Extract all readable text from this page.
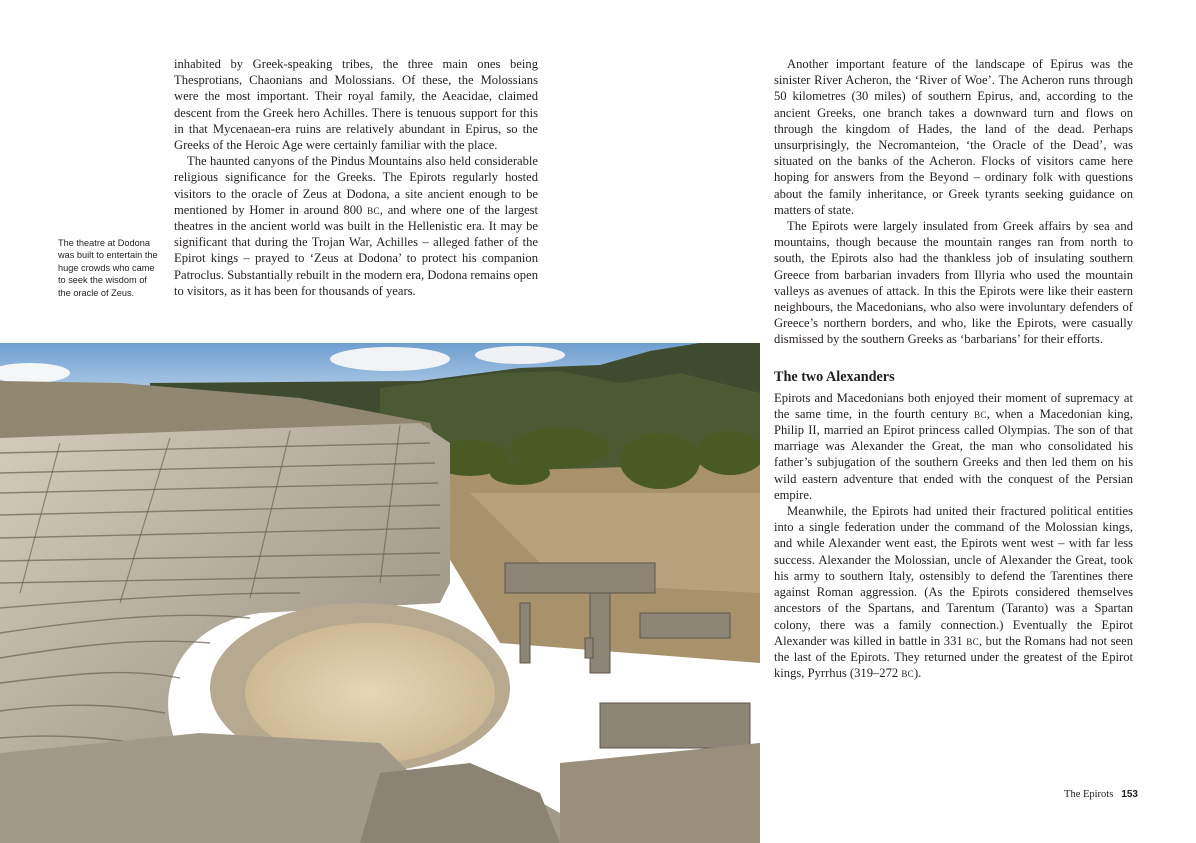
inhabited by Greek-speaking tribes, the three main ones being Thesprotians, Chaonians and Molossians. Of these, the Molossians were the most important. Their royal family, the Aeacidae, claimed descent from the Greek hero Achilles. There is tenuous support for this in that Mycenaean-era ruins are relatively abundant in Epirus, so the Greeks of the Heroic Age were certainly familiar with the place.

The haunted canyons of the Pindus Mountains also held considerable religious significance for the Greeks. The Epirots regularly hosted visitors to the oracle of Zeus at Dodona, a site ancient enough to be mentioned by Homer in around 800 bc, and where one of the largest theatres in the ancient world was built in the Hellenistic era. It may be significant that during the Trojan War, Achilles – alleged father of the Epirot kings – prayed to ‘Zeus at Dodona’ to protect his companion Patroclus. Substantially rebuilt in the modern era, Dodona remains open to visitors, as it has been for thousands of years.

The theatre at Dodona was built to entertain the huge crowds who came to seek the wisdom of the oracle of Zeus.

Another important feature of the landscape of Epirus was the sinister River Acheron, the ‘River of Woe’. The Acheron runs through 50 kilometres (30 miles) of southern Epirus, and, according to the ancient Greeks, one branch takes a downward turn and flows on through the kingdom of Hades, the land of the dead. Perhaps unsurprisingly, the Necromanteion, ‘the Oracle of the Dead’, was situated on the banks of the Acheron. Flocks of visitors came here hoping for answers from the Beyond – ordinary folk with questions about the family inheritance, or Greek tyrants seeking guidance on matters of state.

The Epirots were largely insulated from Greek affairs by sea and mountains, though because the mountain ranges ran from north to south, the Epirots also had the thankless job of insulating southern Greece from barbarian invaders from Illyria who used the mountain valleys as avenues of attack. In this the Epirots were like their eastern neighbours, the Macedonians, who also were involuntary defenders of Greece’s northern borders, and who, like the Epirots, were casually dismissed by the southern Greeks as ‘barbarians’ for their efforts.

The two Alexanders

Epirots and Macedonians both enjoyed their moment of supremacy at the same time, in the fourth century bc, when a Macedonian king, Philip II, married an Epirot princess called Olympias. The son of that marriage was Alexander the Great, the man who consolidated his father’s subjugation of the southern Greeks and then led them on his wild eastern adventure that ended with the conquest of the Persian empire.

Meanwhile, the Epirots had united their fractured political entities into a single federation under the command of the Molossian kings, and while Alexander went east, the Epirots went west – with far less success. Alexander the Molossian, uncle of Alexander the Great, took his army to southern Italy, ostensibly to defend the Tarentines there against Roman aggression. (As the Epirots considered themselves ancestors of the Spartans, and Tarentum (Taranto) was a Spartan colony, there was a family connection.) Eventually the Epirot Alexander was killed in battle in 331 bc, but the Romans had not seen the last of the Epirots. They returned under the greatest of the Epirot kings, Pyrrhus (319–272 bc).

The Epirots 153
